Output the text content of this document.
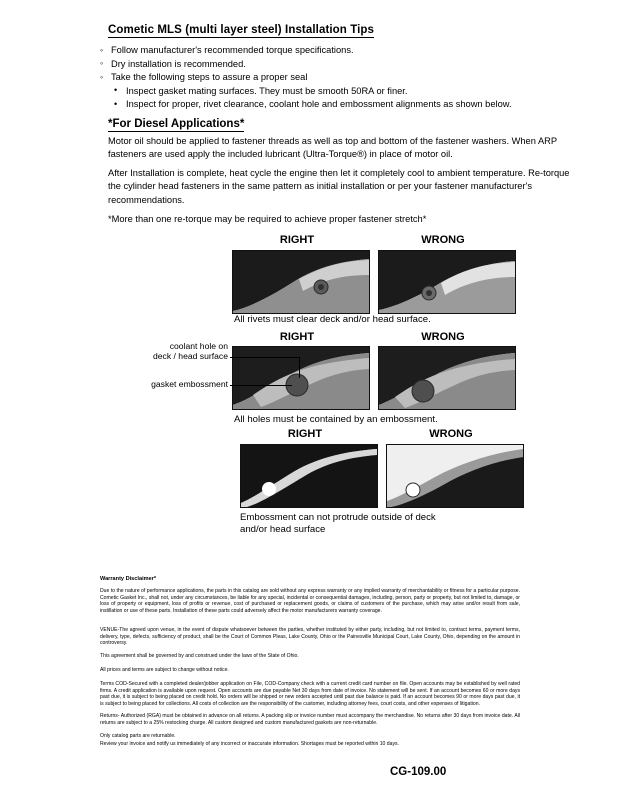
Cometic MLS (multi layer steel) Installation Tips

◦ Follow manufacturer's recommended torque specifications.

◦ Dry installation is recommended.

◦ Take the following steps to assure a proper seal

• Inspect gasket mating surfaces. They must be smooth 50RA or finer.

• Inspect for proper, rivet clearance, coolant hole and embossment alignments as shown below.

*For Diesel Applications*
Motor oil should be applied to fastener threads as well as top and bottom of the fastener washers. When ARP fasteners are used apply the included lubricant (Ultra-Torque®) in place of motor oil.
After Installation is complete, heat cycle the engine then let it completely cool to ambient temperature. Re-torque the cylinder head fasteners in the same pattern as initial installation or per your fastener manufacturer's recommendations.
*More than one re-torque may be required to achieve proper fastener stretch*
RIGHT	WRONG
All rivets must clear deck and/or head surface.
RIGHT	WRONG
All holes must be contained by an embossment.
coolant hole on
deck / head surface
gasket embossment
RIGHT	WRONG
Embossment can not protrude outside of deck
and/or head surface
Warranty Disclaimer*
Due to the nature of performance applications, the parts in this catalog are sold without any express warranty or any implied warranty of merchantability or fitness for a particular purpose. Cometic Gasket Inc., shall not, under any circumstances, be liable for any special, incidental or consequential damages, including, person, party or property, but not limited to, damage, or loss of property or equipment, loss of profits or revenue, cost of purchased or replacement goods, or claims of customers of the purchase, which may arise and/or result from sale, instillation or use of these parts. Installation of these parts could adversely affect the motor manufacturers warranty coverage.
VENUE-The agreed upon venue, in the event of dispute whatsoever between the parties, whether instituted by either party, including, but not limited to, contract terms, payment terms, delivery, type, defects, sufficiency of product, shall be the Court of Common Pleas, Lake County, Ohio or the Painesville Municipal Court, Lake County, Ohio, depending on the amount in controversy.
This agreement shall be governed by and construed under the laws of the State of Ohio.
All prices and terms are subject to change without notice.
Terms COD-Secured with a completed dealer/jobber application on File, COD-Company check with a current credit card number on file. Open accounts may be established by well rated firms. A credit application is available upon request. Open accounts are due payable Net 30 days from date of invoice. No statement will be sent. If an account becomes 60 or more days past due, it is subject to being placed on credit hold. No orders will be shipped or new orders accepted until past due balance is paid. If an account becomes 90 or more days past due, it is subject to being placed for collections. All costs of collection are the responsibility of the customer, including attorney fees, court costs, and other expenses of litigation.
Returns- Authorized (RGA) must be obtained in advance on all returns. A packing slip or invoice number must accompany the merchandise. No returns after 30 days from invoice date. All returns are subject to a 25% restocking charge. All custom designed and custom manufactured gaskets are non-returnable.
Only catalog parts are returnable.
Review your invoice and notify us immediately of any incorrect or inaccurate information. Shortages must be reported within 10 days.
CG-109.00
